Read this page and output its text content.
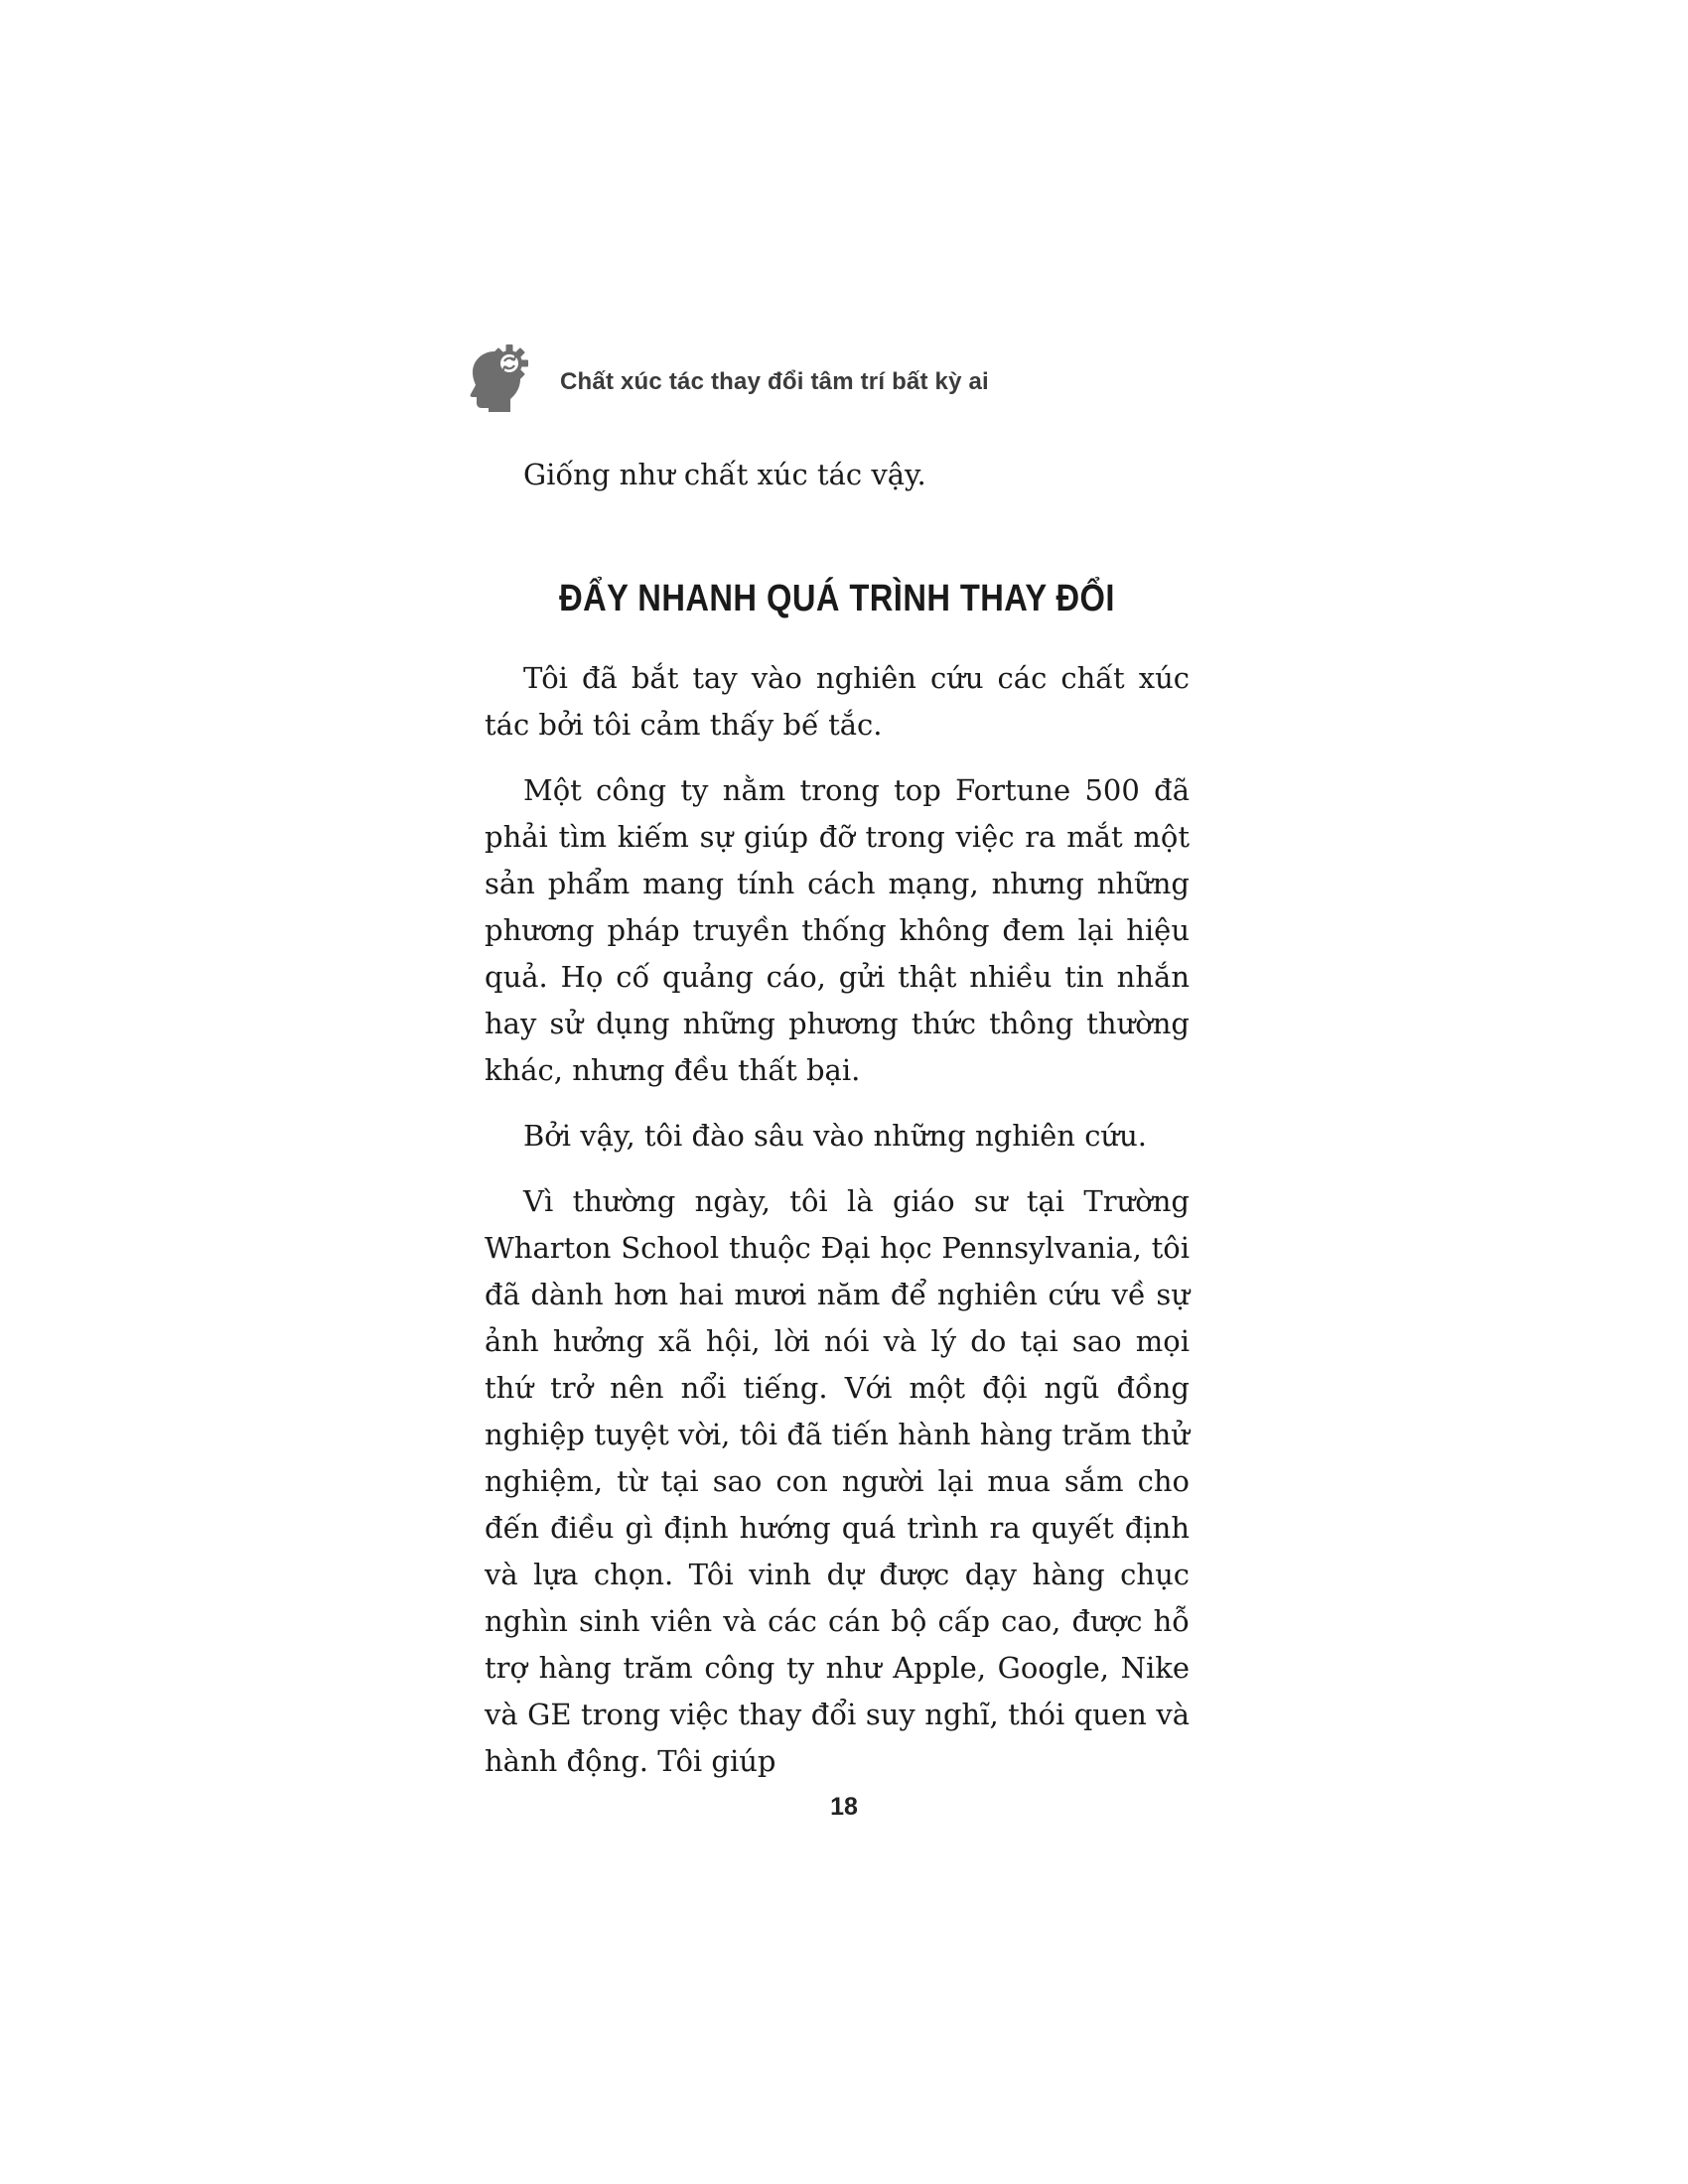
Chất xúc tác thay đổi tâm trí bất kỳ ai
Giống như chất xúc tác vậy.
ĐẨY NHANH QUÁ TRÌNH THAY ĐỔI

Tôi đã bắt tay vào nghiên cứu các chất xúc tác bởi tôi cảm thấy bế tắc.

Một công ty nằm trong top Fortune 500 đã phải tìm kiếm sự giúp đỡ trong việc ra mắt một sản phẩm mang tính cách mạng, nhưng những phương pháp truyền thống không đem lại hiệu quả. Họ cố quảng cáo, gửi thật nhiều tin nhắn hay sử dụng những phương thức thông thường khác, nhưng đều thất bại.

Bởi vậy, tôi đào sâu vào những nghiên cứu.

Vì thường ngày, tôi là giáo sư tại Trường Wharton School thuộc Đại học Pennsylvania, tôi đã dành hơn hai mươi năm để nghiên cứu về sự ảnh hưởng xã hội, lời nói và lý do tại sao mọi thứ trở nên nổi tiếng. Với một đội ngũ đồng nghiệp tuyệt vời, tôi đã tiến hành hàng trăm thử nghiệm, từ tại sao con người lại mua sắm cho đến điều gì định hướng quá trình ra quyết định và lựa chọn. Tôi vinh dự được dạy hàng chục nghìn sinh viên và các cán bộ cấp cao, được hỗ trợ hàng trăm công ty như Apple, Google, Nike và GE trong việc thay đổi suy nghĩ, thói quen và hành động. Tôi giúp

18
